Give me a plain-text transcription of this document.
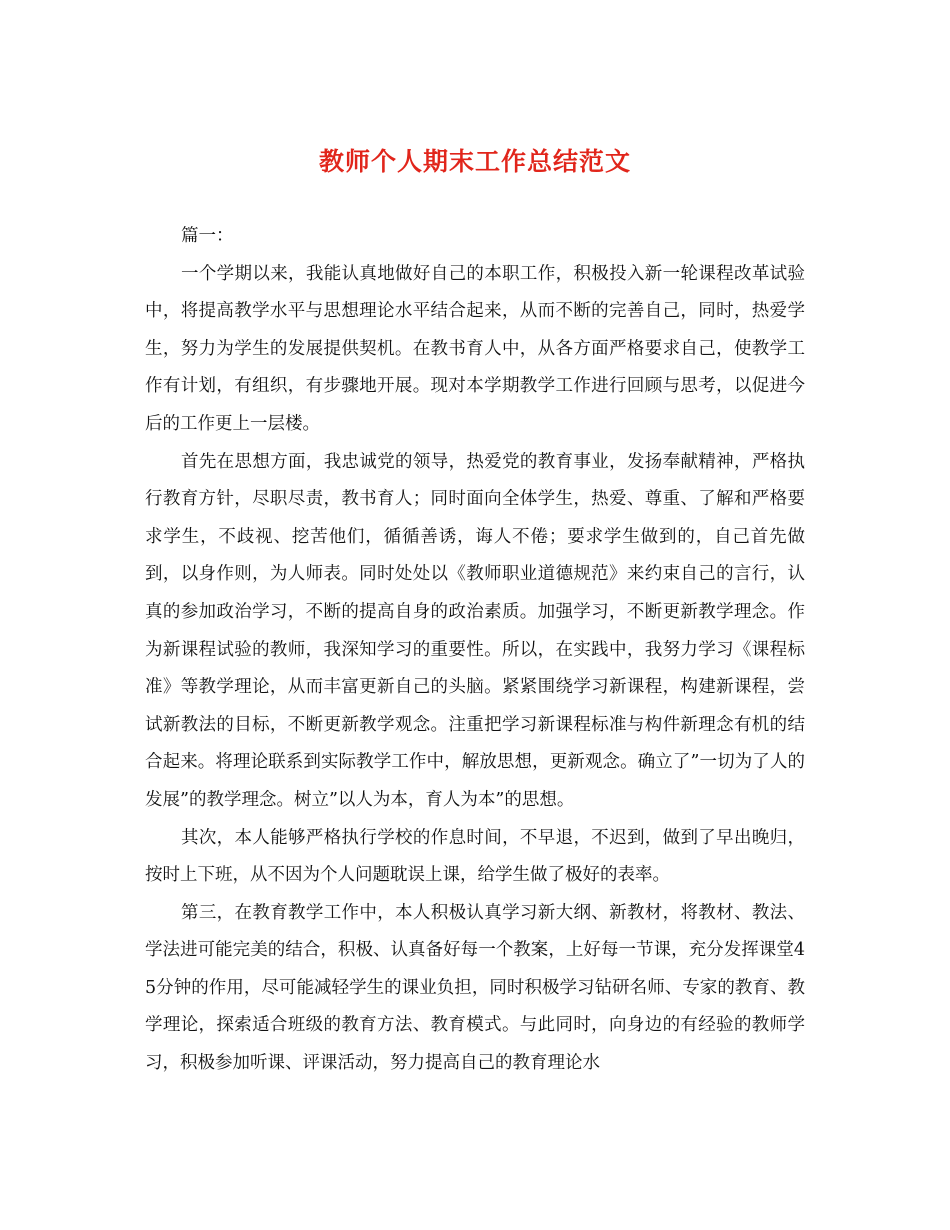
教师个人期末工作总结范文

篇一：

一个学期以来，我能认真地做好自己的本职工作，积极投入新一轮课程改革试验中，将提高教学水平与思想理论水平结合起来，从而不断的完善自己，同时，热爱学生，努力为学生的发展提供契机。在教书育人中，从各方面严格要求自己，使教学工作有计划，有组织，有步骤地开展。现对本学期教学工作进行回顾与思考，以促进今后的工作更上一层楼。

首先在思想方面，我忠诚党的领导，热爱党的教育事业，发扬奉献精神，严格执行教育方针，尽职尽责，教书育人；同时面向全体学生，热爱、尊重、了解和严格要求学生，不歧视、挖苦他们，循循善诱，诲人不倦；要求学生做到的，自己首先做到，以身作则，为人师表。同时处处以《教师职业道德规范》来约束自己的言行，认真的参加政治学习，不断的提高自身的政治素质。加强学习，不断更新教学理念。作为新课程试验的教师，我深知学习的重要性。所以，在实践中，我努力学习《课程标准》等教学理论，从而丰富更新自己的头脑。紧紧围绕学习新课程，构建新课程，尝试新教法的目标，不断更新教学观念。注重把学习新课程标准与构件新理念有机的结合起来。将理论联系到实际教学工作中，解放思想，更新观念。确立了”一切为了人的发展”的教学理念。树立”以人为本，育人为本”的思想。

其次，本人能够严格执行学校的作息时间，不早退，不迟到，做到了早出晚归，按时上下班，从不因为个人问题耽误上课，给学生做了极好的表率。

第三，在教育教学工作中，本人积极认真学习新大纲、新教材，将教材、教法、学法进可能完美的结合，积极、认真备好每一个教案，上好每一节课，充分发挥课堂45分钟的作用，尽可能减轻学生的课业负担，同时积极学习钻研名师、专家的教育、教学理论，探索适合班级的教育方法、教育模式。与此同时，向身边的有经验的教师学习，积极参加听课、评课活动，努力提高自己的教育理论水
